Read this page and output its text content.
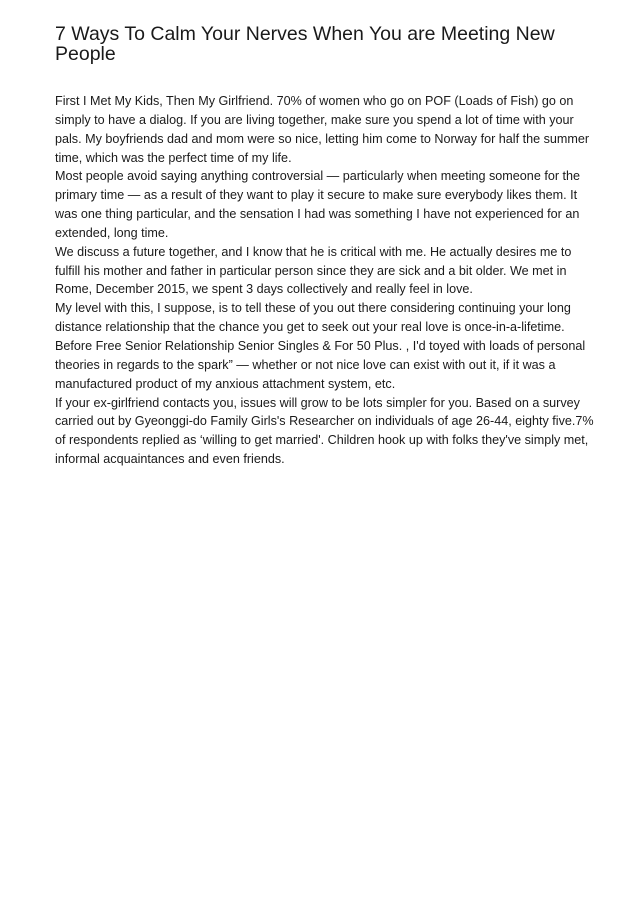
7 Ways To Calm Your Nerves When You are Meeting New People

First I Met My Kids, Then My Girlfriend. 70% of women who go on POF (Loads of Fish) go on simply to have a dialog. If you are living together, make sure you spend a lot of time with your pals. My boyfriends dad and mom were so nice, letting him come to Norway for half the summer time, which was the perfect time of my life.

Most people avoid saying anything controversial — particularly when meeting someone for the primary time — as a result of they want to play it secure to make sure everybody likes them. It was one thing particular, and the sensation I had was something I have not experienced for an extended, long time.

We discuss a future together, and I know that he is critical with me. He actually desires me to fulfill his mother and father in particular person since they are sick and a bit older. We met in Rome, December 2015, we spent 3 days collectively and really feel in love.

My level with this, I suppose, is to tell these of you out there considering continuing your long distance relationship that the chance you get to seek out your real love is once-in-a-lifetime. Before Free Senior Relationship Senior Singles & For 50 Plus. , I'd toyed with loads of personal theories in regards to the spark” — whether or not nice love can exist with out it, if it was a manufactured product of my anxious attachment system, etc.

If your ex-girlfriend contacts you, issues will grow to be lots simpler for you. Based on a survey carried out by Gyeonggi-do Family Girls's Researcher on individuals of age 26-44, eighty five.7% of respondents replied as ‘willing to get married'. Children hook up with folks they've simply met, informal acquaintances and even friends.
